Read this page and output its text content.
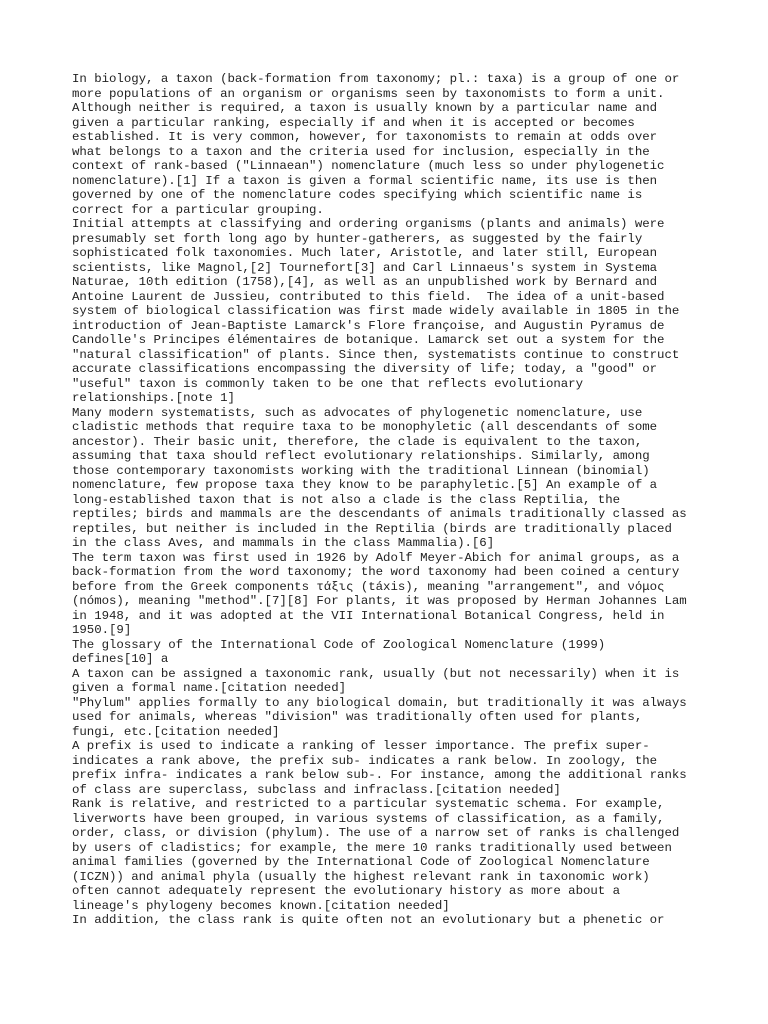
In biology, a taxon (back-formation from taxonomy; pl.: taxa) is a group of one or
more populations of an organism or organisms seen by taxonomists to form a unit.
Although neither is required, a taxon is usually known by a particular name and
given a particular ranking, especially if and when it is accepted or becomes
established. It is very common, however, for taxonomists to remain at odds over
what belongs to a taxon and the criteria used for inclusion, especially in the
context of rank-based ("Linnaean") nomenclature (much less so under phylogenetic
nomenclature).[1] If a taxon is given a formal scientific name, its use is then
governed by one of the nomenclature codes specifying which scientific name is
correct for a particular grouping.

Initial attempts at classifying and ordering organisms (plants and animals) were
presumably set forth long ago by hunter-gatherers, as suggested by the fairly
sophisticated folk taxonomies. Much later, Aristotle, and later still, European
scientists, like Magnol,[2] Tournefort[3] and Carl Linnaeus's system in Systema
Naturae, 10th edition (1758),[4], as well as an unpublished work by Bernard and
Antoine Laurent de Jussieu, contributed to this field.  The idea of a unit-based
system of biological classification was first made widely available in 1805 in the
introduction of Jean-Baptiste Lamarck's Flore françoise, and Augustin Pyramus de
Candolle's Principes élémentaires de botanique. Lamarck set out a system for the
"natural classification" of plants. Since then, systematists continue to construct
accurate classifications encompassing the diversity of life; today, a "good" or
"useful" taxon is commonly taken to be one that reflects evolutionary
relationships.[note 1]

Many modern systematists, such as advocates of phylogenetic nomenclature, use
cladistic methods that require taxa to be monophyletic (all descendants of some
ancestor). Their basic unit, therefore, the clade is equivalent to the taxon,
assuming that taxa should reflect evolutionary relationships. Similarly, among
those contemporary taxonomists working with the traditional Linnean (binomial)
nomenclature, few propose taxa they know to be paraphyletic.[5] An example of a
long-established taxon that is not also a clade is the class Reptilia, the
reptiles; birds and mammals are the descendants of animals traditionally classed as
reptiles, but neither is included in the Reptilia (birds are traditionally placed
in the class Aves, and mammals in the class Mammalia).[6]

The term taxon was first used in 1926 by Adolf Meyer-Abich for animal groups, as a
back-formation from the word taxonomy; the word taxonomy had been coined a century
before from the Greek components τάξις (táxis), meaning "arrangement", and νόμος
(nómos), meaning "method".[7][8] For plants, it was proposed by Herman Johannes Lam
in 1948, and it was adopted at the VII International Botanical Congress, held in
1950.[9]

The glossary of the International Code of Zoological Nomenclature (1999)
defines[10] a

A taxon can be assigned a taxonomic rank, usually (but not necessarily) when it is
given a formal name.[citation needed]

"Phylum" applies formally to any biological domain, but traditionally it was always
used for animals, whereas "division" was traditionally often used for plants,
fungi, etc.[citation needed]

A prefix is used to indicate a ranking of lesser importance. The prefix super-
indicates a rank above, the prefix sub- indicates a rank below. In zoology, the
prefix infra- indicates a rank below sub-. For instance, among the additional ranks
of class are superclass, subclass and infraclass.[citation needed]

Rank is relative, and restricted to a particular systematic schema. For example,
liverworts have been grouped, in various systems of classification, as a family,
order, class, or division (phylum). The use of a narrow set of ranks is challenged
by users of cladistics; for example, the mere 10 ranks traditionally used between
animal families (governed by the International Code of Zoological Nomenclature
(ICZN)) and animal phyla (usually the highest relevant rank in taxonomic work)
often cannot adequately represent the evolutionary history as more about a
lineage's phylogeny becomes known.[citation needed]

In addition, the class rank is quite often not an evolutionary but a phenetic or
